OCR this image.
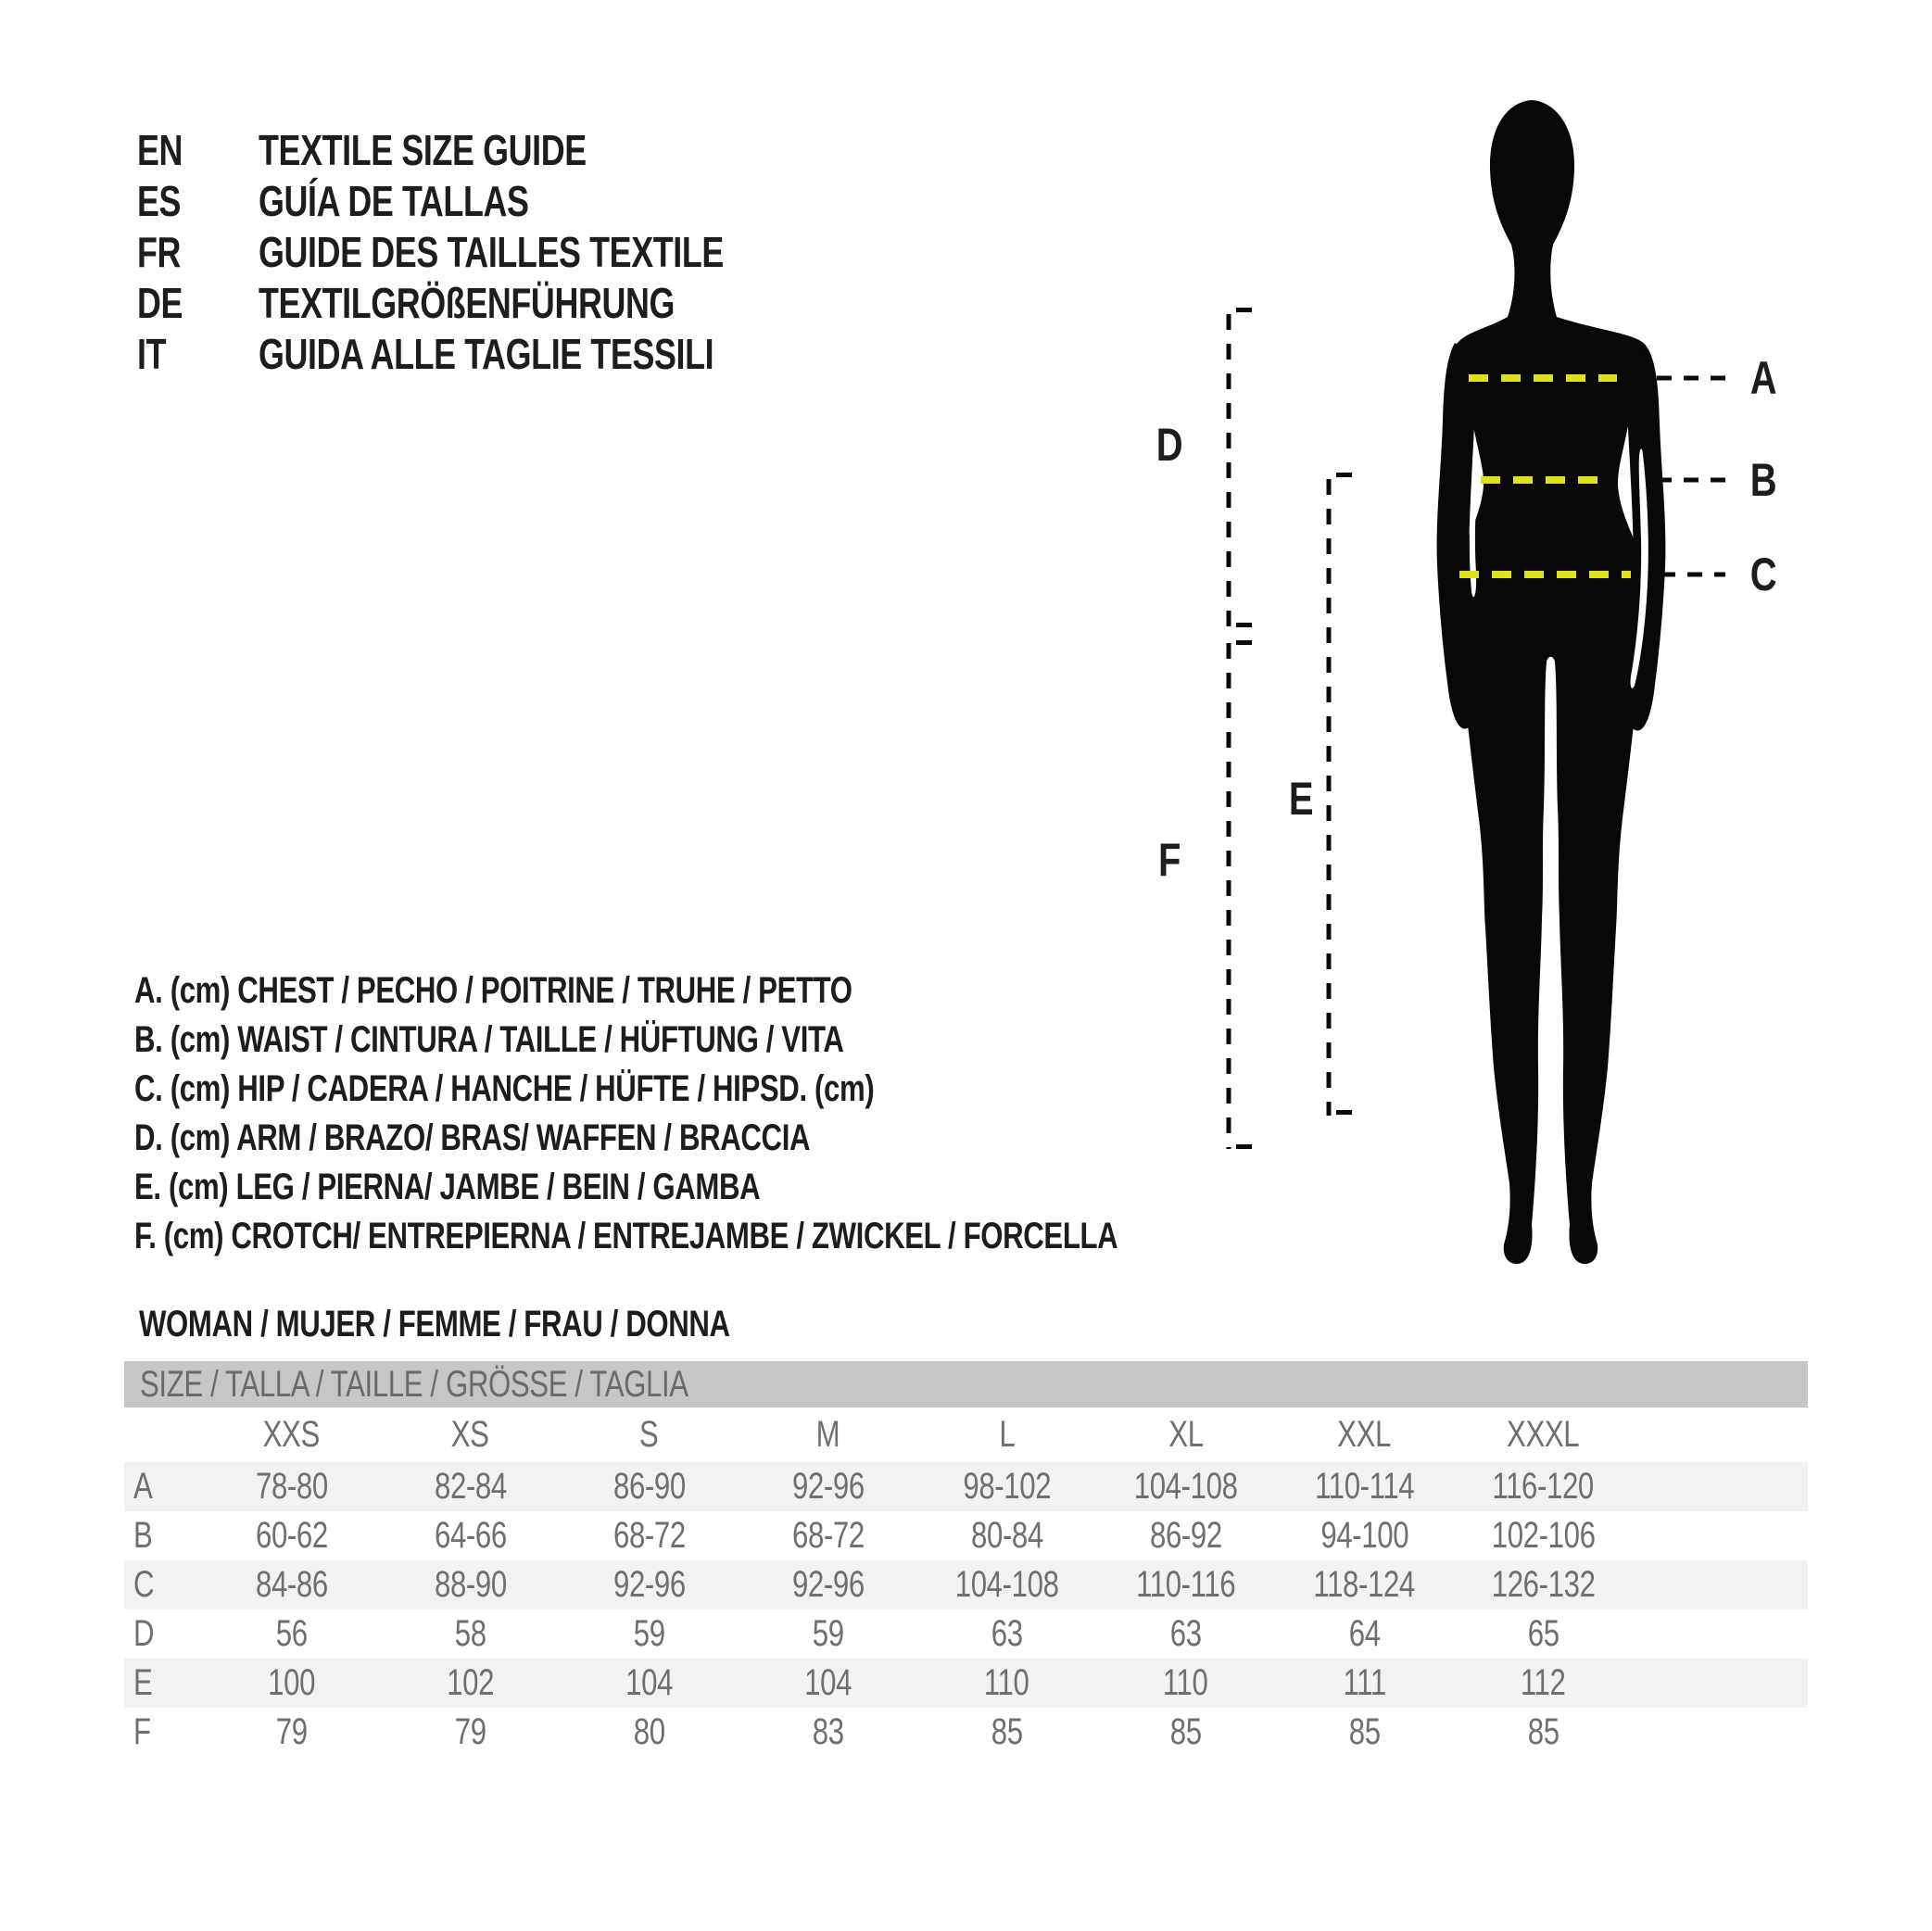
EN	TEXTILE SIZE GUIDE
ES	GUÍA DE TALLAS
FR	GUIDE DES TAILLES TEXTILE
DE	TEXTILGRÖßENFÜHRUNG
IT	GUIDA ALLE TAGLIE TESSILI	A
B
C
D
E
F
A. (cm) CHEST / PECHO / POITRINE / TRUHE / PETTO
B. (cm) WAIST / CINTURA / TAILLE / HÜFTUNG / VITA
C. (cm) HIP / CADERA / HANCHE / HÜFTE / HIPSD. (cm)
D. (cm) ARM / BRAZO/ BRAS/ WAFFEN / BRACCIA
E. (cm) LEG / PIERNA/ JAMBE / BEIN / GAMBA
F. (cm) CROTCH/ ENTREPIERNA / ENTREJAMBE / ZWICKEL / FORCELLA
WOMAN / MUJER / FEMME / FRAU / DONNA
SIZE / TALLA / TAILLE / GRÖSSE / TAGLIA
XXS	XS	S	M	L	XL	XXL	XXXL
A	78-80	82-84	86-90	92-96	98-102	104-108	110-114	116-120
B	60-62	64-66	68-72	68-72	80-84	86-92	94-100	102-106
C	84-86	88-90	92-96	92-96	104-108	110-116	118-124	126-132
D	56	58	59	59	63	63	64	65
E	100	102	104	104	110	110	111	112
F	79	79	80	83	85	85	85	85
